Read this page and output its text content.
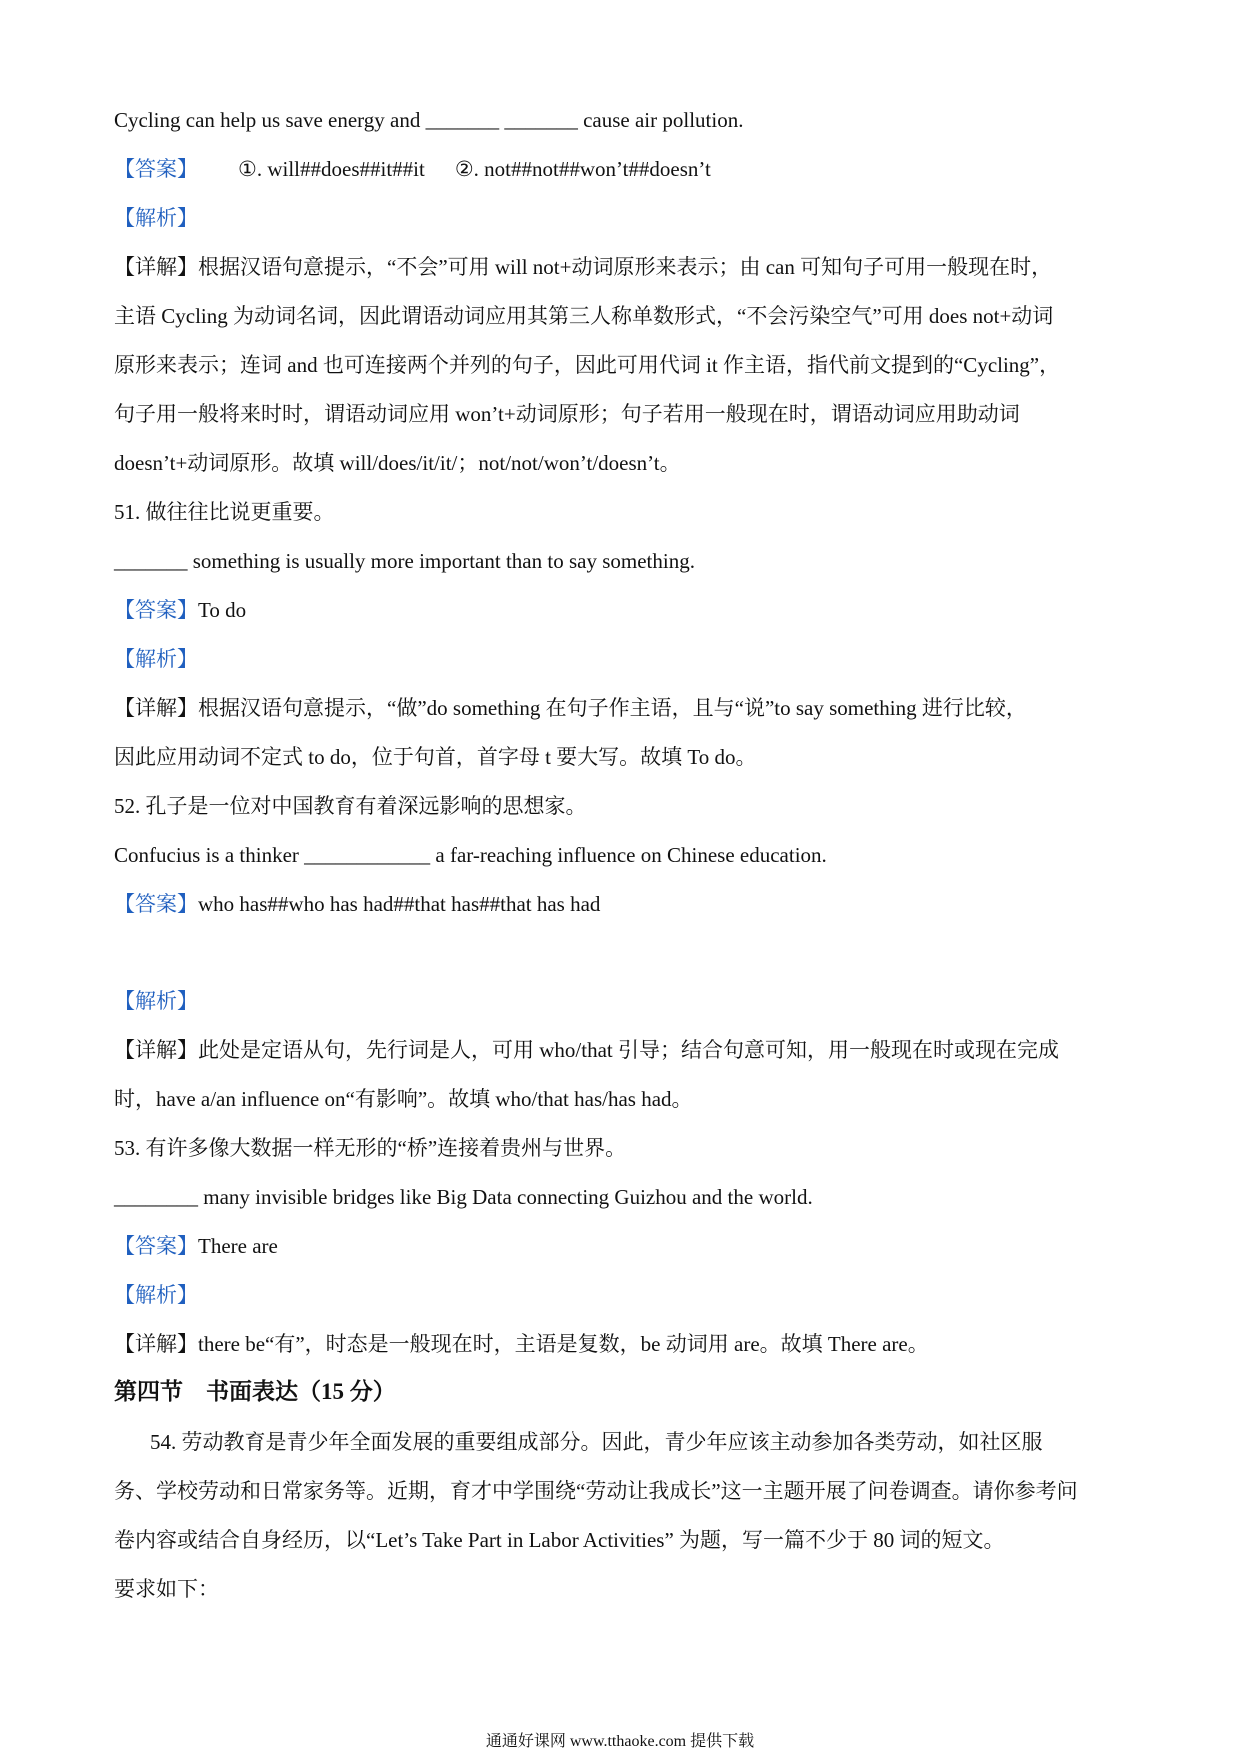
Cycling can help us save energy and _______ _______ cause air pollution.
【答案】 ①. will##does##it##it ②. not##not##won’t##doesn’t
【解析】
【详解】根据汉语句意提示，“不会”可用 will not+动词原形来表示；由 can 可知句子可用一般现在时，
主语 Cycling 为动词名词，因此谓语动词应用其第三人称单数形式，“不会污染空气”可用 does not+动词
原形来表示；连词 and 也可连接两个并列的句子，因此可用代词 it 作主语，指代前文提到的“Cycling”，
句子用一般将来时时，谓语动词应用 won’t+动词原形；句子若用一般现在时，谓语动词应用助动词
doesn’t+动词原形。故填 will/does/it/it/；not/not/won’t/doesn’t。
51. 做往往比说更重要。
_______ something is usually more important than to say something.
【答案】To do
【解析】
【详解】根据汉语句意提示，“做”do something 在句子作主语，且与“说”to say something 进行比较，
因此应用动词不定式 to do，位于句首，首字母 t 要大写。故填 To do。
52. 孔子是一位对中国教育有着深远影响的思想家。
Confucius is a thinker ____________ a far-reaching influence on Chinese education.
【答案】who has##who has had##that has##that has had
【解析】
【详解】此处是定语从句，先行词是人，可用 who/that 引导；结合句意可知，用一般现在时或现在完成
时，have a/an influence on“有影响”。故填 who/that has/has had。
53. 有许多像大数据一样无形的“桥”连接着贵州与世界。
________ many invisible bridges like Big Data connecting Guizhou and the world.
【答案】There are
【解析】
【详解】there be“有”，时态是一般现在时，主语是复数，be 动词用 are。故填 There are。
第四节　书面表达（15 分）
54. 劳动教育是青少年全面发展的重要组成部分。因此，青少年应该主动参加各类劳动，如社区服
务、学校劳动和日常家务等。近期，育才中学围绕“劳动让我成长”这一主题开展了问卷调查。请你参考问
卷内容或结合自身经历，以“Let’s Take Part in Labor Activities” 为题，写一篇不少于 80 词的短文。
要求如下：
通通好课网 www.tthaoke.com 提供下载
